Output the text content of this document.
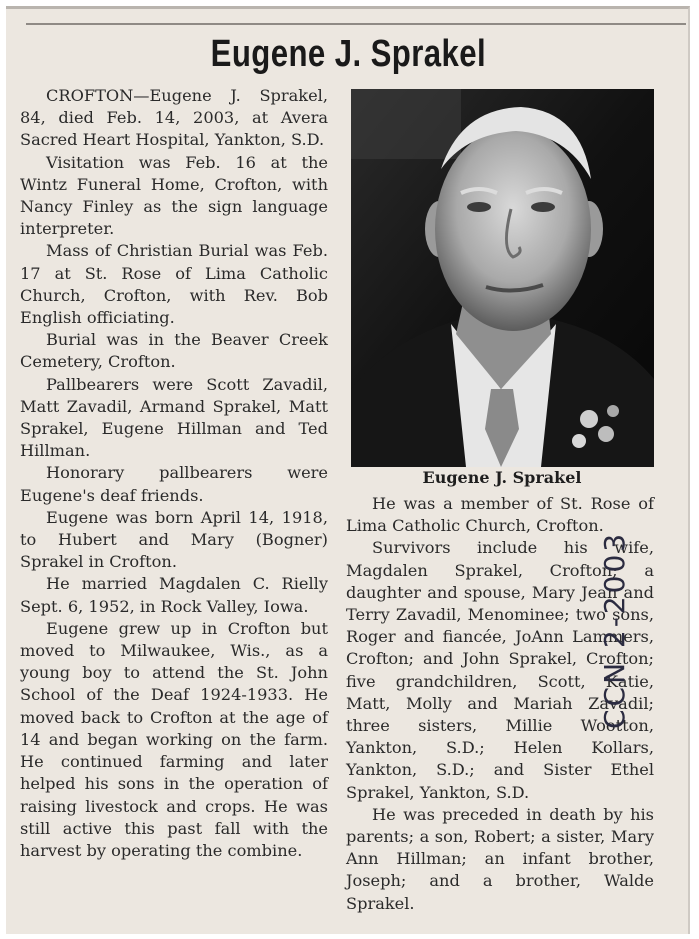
Eugene J. Sprakel

CROFTON—Eugene J. Sprakel, 84, died Feb. 14, 2003, at Avera Sacred Heart Hospital, Yankton, S.D.

Visitation was Feb. 16 at the Wintz Funeral Home, Crofton, with Nancy Finley as the sign language interpreter.

Mass of Christian Burial was Feb. 17 at St. Rose of Lima Catholic Church, Crofton, with Rev. Bob English officiating.

Burial was in the Beaver Creek Cemetery, Crofton.

Pallbearers were Scott Zavadil, Matt Zavadil, Armand Sprakel, Matt Sprakel, Eugene Hillman and Ted Hillman.

Honorary pallbearers were Eugene's deaf friends.

Eugene was born April 14, 1918, to Hubert and Mary (Bogner) Sprakel in Crofton.

He married Magdalen C. Rielly Sept. 6, 1952, in Rock Valley, Iowa.

Eugene grew up in Crofton but moved to Milwaukee, Wis., as a young boy to attend the St. John School of the Deaf 1924-1933. He moved back to Crofton at the age of 14 and began working on the farm. He continued farming and later helped his sons in the operation of raising livestock and crops. He was still active this past fall with the harvest by operating the combine.

Eugene J. Sprakel

He was a member of St. Rose of Lima Catholic Church, Crofton.

Survivors include his wife, Magdalen Sprakel, Crofton; a daughter and spouse, Mary Jean and Terry Zavadil, Menominee; two sons, Roger and fiancée, JoAnn Lammers, Crofton; and John Sprakel, Crofton; five grandchildren, Scott, Katie, Matt, Molly and Mariah Zavadil; three sisters, Millie Wootton, Yankton, S.D.; Helen Kollars, Yankton, S.D.; and Sister Ethel Sprakel, Yankton, S.D.

He was preceded in death by his parents; a son, Robert; a sister, Mary Ann Hillman; an infant brother, Joseph; and a brother, Walde Sprakel.

CCN 2-2003
